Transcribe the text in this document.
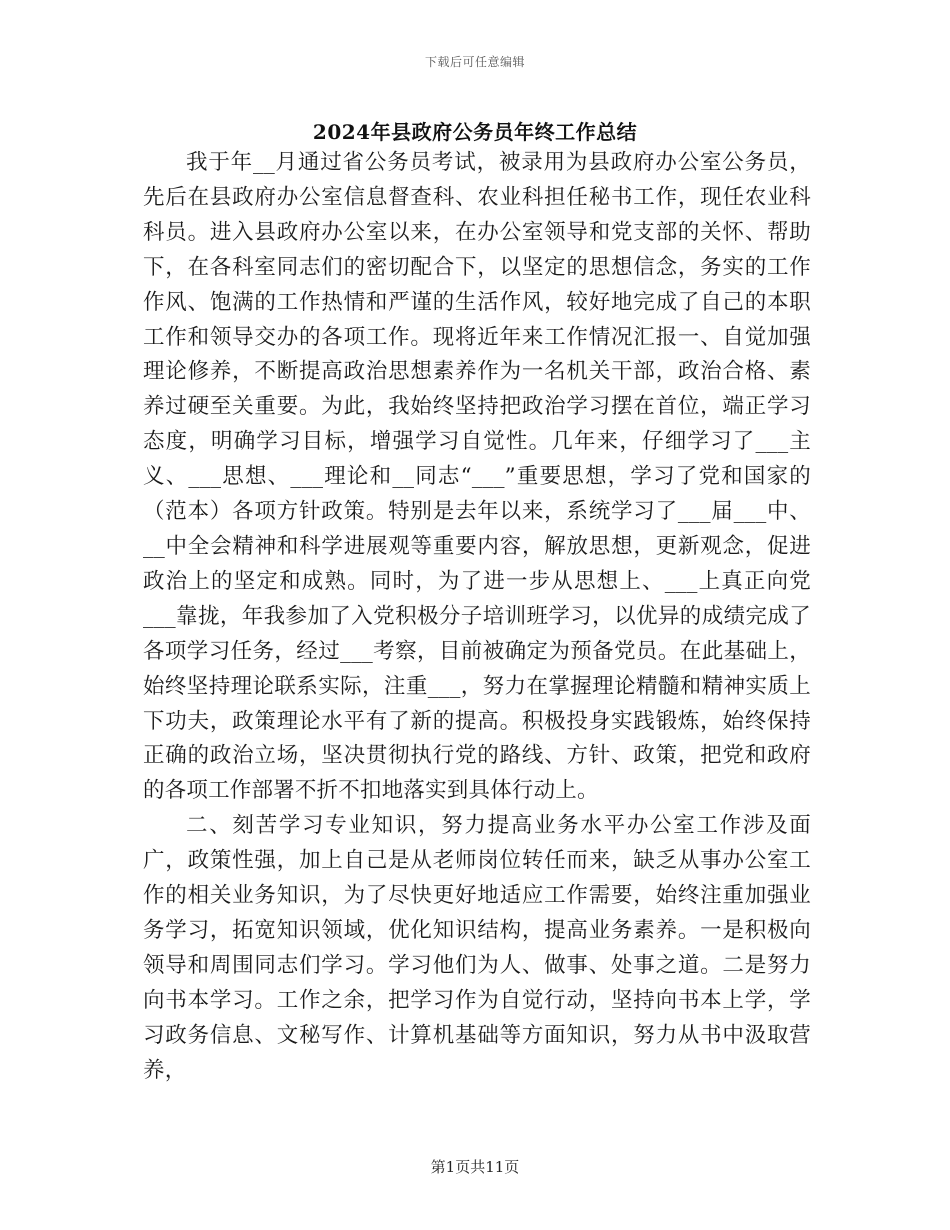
下载后可任意编辑
2024年县政府公务员年终工作总结

我于年__月通过省公务员考试，被录用为县政府办公室公务员，先后在县政府办公室信息督查科、农业科担任秘书工作，现任农业科科员。进入县政府办公室以来，在办公室领导和党支部的关怀、帮助下，在各科室同志们的密切配合下，以坚定的思想信念，务实的工作作风、饱满的工作热情和严谨的生活作风，较好地完成了自己的本职工作和领导交办的各项工作。现将近年来工作情况汇报一、自觉加强理论修养，不断提高政治思想素养作为一名机关干部，政治合格、素养过硬至关重要。为此，我始终坚持把政治学习摆在首位，端正学习态度，明确学习目标，增强学习自觉性。几年来，仔细学习了___主义、___思想、___理论和__同志“___”重要思想，学习了党和国家的（范本）各项方针政策。特别是去年以来，系统学习了___届___中、__中全会精神和科学进展观等重要内容，解放思想，更新观念，促进政治上的坚定和成熟。同时，为了进一步从思想上、___上真正向党___靠拢，年我参加了入党积极分子培训班学习，以优异的成绩完成了各项学习任务，经过___考察，目前被确定为预备党员。在此基础上，始终坚持理论联系实际，注重___，努力在掌握理论精髓和精神实质上下功夫，政策理论水平有了新的提高。积极投身实践锻炼，始终保持正确的政治立场，坚决贯彻执行党的路线、方针、政策，把党和政府的各项工作部署不折不扣地落实到具体行动上。

二、刻苦学习专业知识，努力提高业务水平办公室工作涉及面广，政策性强，加上自己是从老师岗位转任而来，缺乏从事办公室工作的相关业务知识，为了尽快更好地适应工作需要，始终注重加强业务学习，拓宽知识领域，优化知识结构，提高业务素养。一是积极向领导和周围同志们学习。学习他们为人、做事、处事之道。二是努力向书本学习。工作之余，把学习作为自觉行动，坚持向书本上学，学习政务信息、文秘写作、计算机基础等方面知识，努力从书中汲取营养，

第1页共11页
